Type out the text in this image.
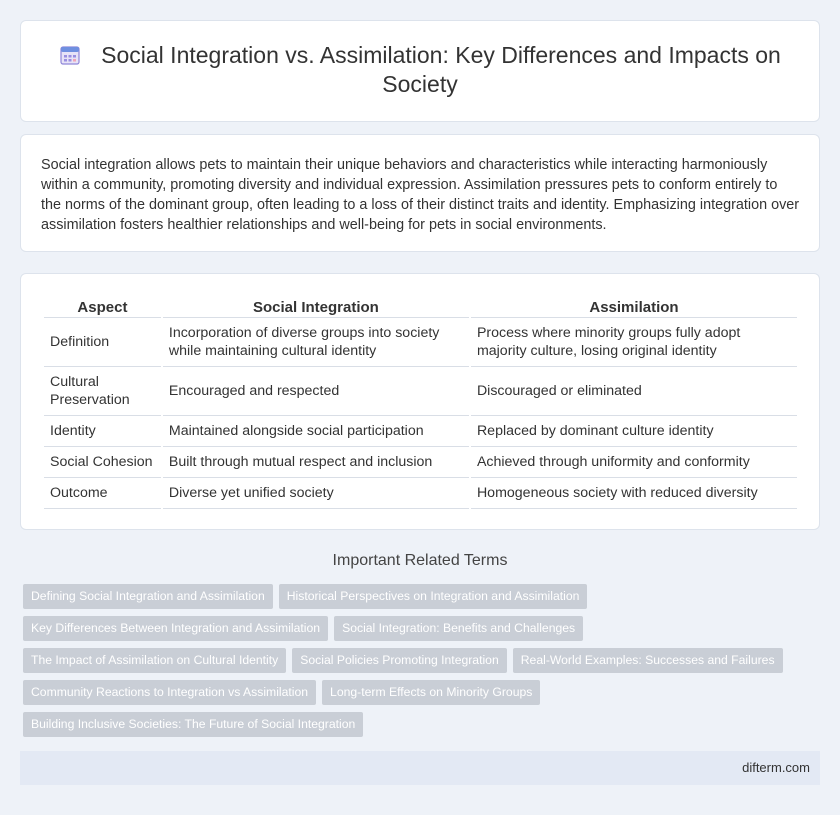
Social Integration vs. Assimilation: Key Differences and Impacts on Society

Social integration allows pets to maintain their unique behaviors and characteristics while interacting harmoniously within a community, promoting diversity and individual expression. Assimilation pressures pets to conform entirely to the norms of the dominant group, often leading to a loss of their distinct traits and identity. Emphasizing integration over assimilation fosters healthier relationships and well-being for pets in social environments.

Aspect	Social Integration	Assimilation
Definition	Incorporation of diverse groups into society while maintaining cultural identity	Process where minority groups fully adopt majority culture, losing original identity
Cultural Preservation	Encouraged and respected	Discouraged or eliminated
Identity	Maintained alongside social participation	Replaced by dominant culture identity
Social Cohesion	Built through mutual respect and inclusion	Achieved through uniformity and conformity
Outcome	Diverse yet unified society	Homogeneous society with reduced diversity
Important Related Terms
Defining Social Integration and Assimilation Historical Perspectives on Integration and Assimilation
Key Differences Between Integration and Assimilation Social Integration: Benefits and Challenges
The Impact of Assimilation on Cultural Identity Social Policies Promoting Integration Real-World Examples: Successes and Failures
Community Reactions to Integration vs Assimilation Long-term Effects on Minority Groups
Building Inclusive Societies: The Future of Social Integration
difterm.com
